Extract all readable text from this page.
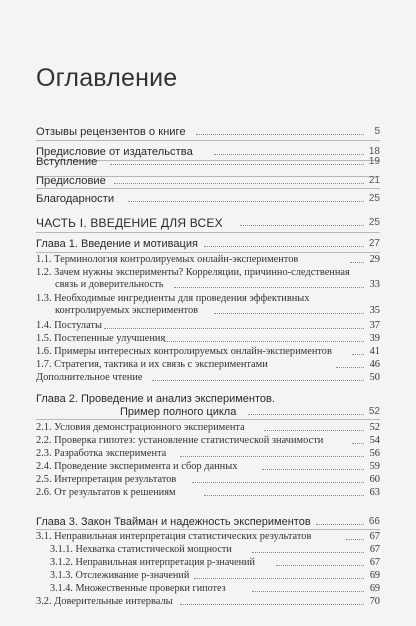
Оглавление
Отзывы рецензентов о книге	5
Предисловие от издательства	18
Вступление	19
Предисловие	21
Благодарности	25
ЧАСТЬ I. ВВЕДЕНИЕ ДЛЯ ВСЕХ	25
Глава 1. Введение и мотивация	27
1.1. Терминология контролируемых онлайн-экспериментов	29
1.2. Зачем нужны эксперименты? Корреляции, причинно-следственная
связь и доверительность	33
1.3. Необходимые ингредиенты для проведения эффективных
контролируемых экспериментов	35
1.4. Постулаты	37
1.5. Постепенные улучшения	39
1.6. Примеры интересных контролируемых онлайн-экспериментов	41
1.7. Стратегия, тактика и их связь с экспериментами	46
Дополнительное чтение	50
Глава 2. Проведение и анализ экспериментов.
Пример полного цикла	52
2.1. Условия демонстрационного эксперимента	52
2.2. Проверка гипотез: установление статистической значимости	54
2.3. Разработка эксперимента	56
2.4. Проведение эксперимента и сбор данных	59
2.5. Интерпретация результатов	60
2.6. От результатов к решениям	63
Глава 3. Закон Твайман и надежность экспериментов	66
3.1. Неправильная интерпретация статистических результатов	67
3.1.1. Нехватка статистической мощности	67
3.1.2. Неправильная интерпретация p-значений	67
3.1.3. Отслеживание p-значений	69
3.1.4. Множественные проверки гипотез	69
3.2. Доверительные интервалы	70
